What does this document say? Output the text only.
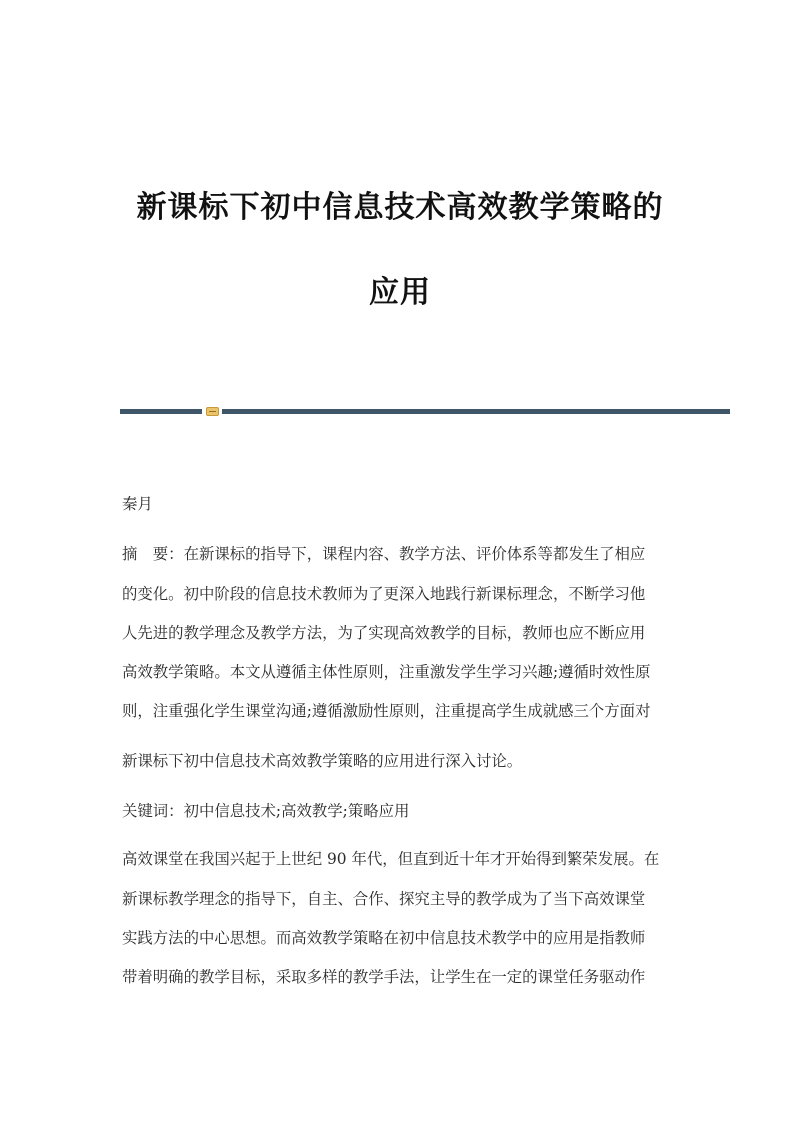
新课标下初中信息技术高效教学策略的
应用
秦月
摘　要：在新课标的指导下，课程内容、教学方法、评价体系等都发生了相应
的变化。初中阶段的信息技术教师为了更深入地践行新课标理念，不断学习他
人先进的教学理念及教学方法，为了实现高效教学的目标，教师也应不断应用
高效教学策略。本文从遵循主体性原则，注重激发学生学习兴趣;遵循时效性原
则，注重强化学生课堂沟通;遵循激励性原则，注重提高学生成就感三个方面对
新课标下初中信息技术高效教学策略的应用进行深入讨论。
关键词：初中信息技术;高效教学;策略应用
高效课堂在我国兴起于上世纪 90 年代，但直到近十年才开始得到繁荣发展。在
新课标教学理念的指导下，自主、合作、探究主导的教学成为了当下高效课堂
实践方法的中心思想。而高效教学策略在初中信息技术教学中的应用是指教师
带着明确的教学目标，采取多样的教学手法，让学生在一定的课堂任务驱动作
